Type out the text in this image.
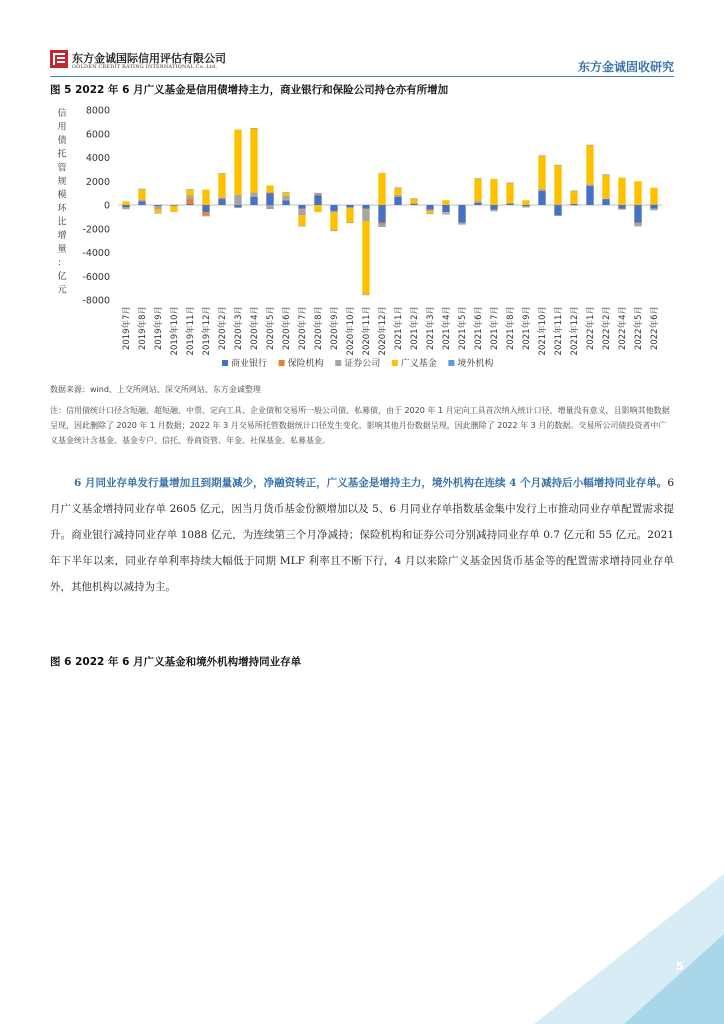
东方金诚国际信用评估有限公司
GOLDEN CREDIT RATING INTERNATIONAL Co.,Ltd.	东方金诚固收研究
图 5 2022 年 6 月广义基金是信用债增持主力，商业银行和保险公司持仓亦有所增加
信
用
债
托
管
规
模
环
比
增
量
：
亿
元
-8000
-6000
-4000
-2000
0
2000
4000
6000
8000
2019年7月 2019年8月 2019年9月 2019年10月 2019年11月 2019年12月 2020年2月 2020年3月 2020年4月 2020年5月 2020年6月 2020年7月 2020年8月 2020年9月 2020年10月 2020年11月 2020年12月 2021年1月 2021年2月 2021年3月 2021年4月 2021年5月 2021年6月 2021年7月 2021年8月 2021年9月 2021年10月 2021年11月 2021年12月 2022年1月 2022年2月 2022年4月 2022年5月 2022年6月
商业银行 保险机构 证券公司 广义基金 境外机构
数据来源：wind、上交所网站、深交所网站、东方金诚整理
注：信用债统计口径含短融、超短融、中票、定向工具、企业债和交易所一般公司债、私募债，由于 2020 年 1 月定向工具首次纳入统计口径，增量没有意义，且影响其他数据呈现，因此删除了 2020 年 1 月数据；2022 年 3 月交易所托管数据统计口径发生变化，影响其他月份数据呈现，因此删除了 2022 年 3 月的数据。交易所公司债投资者中广义基金统计含基金、基金专户、信托、券商资管、年金、社保基金、私募基金。
6 月同业存单发行量增加且到期量减少，净融资转正，广义基金是增持主力，境外机构在连续 4 个月减持后小幅增持同业存单。6 月广义基金增持同业存单 2605 亿元，因当月货币基金份额增加以及 5、6 月同业存单指数基金集中发行上市推动同业存单配置需求提升。商业银行减持同业存单 1088 亿元，为连续第三个月净减持；保险机构和证券公司分别减持同业存单 0.7 亿元和 55 亿元。2021 年下半年以来，同业存单利率持续大幅低于同期 MLF 利率且不断下行，4 月以来除广义基金因货币基金等的配置需求增持同业存单外，其他机构以减持为主。
图 6 2022 年 6 月广义基金和境外机构增持同业存单
5
